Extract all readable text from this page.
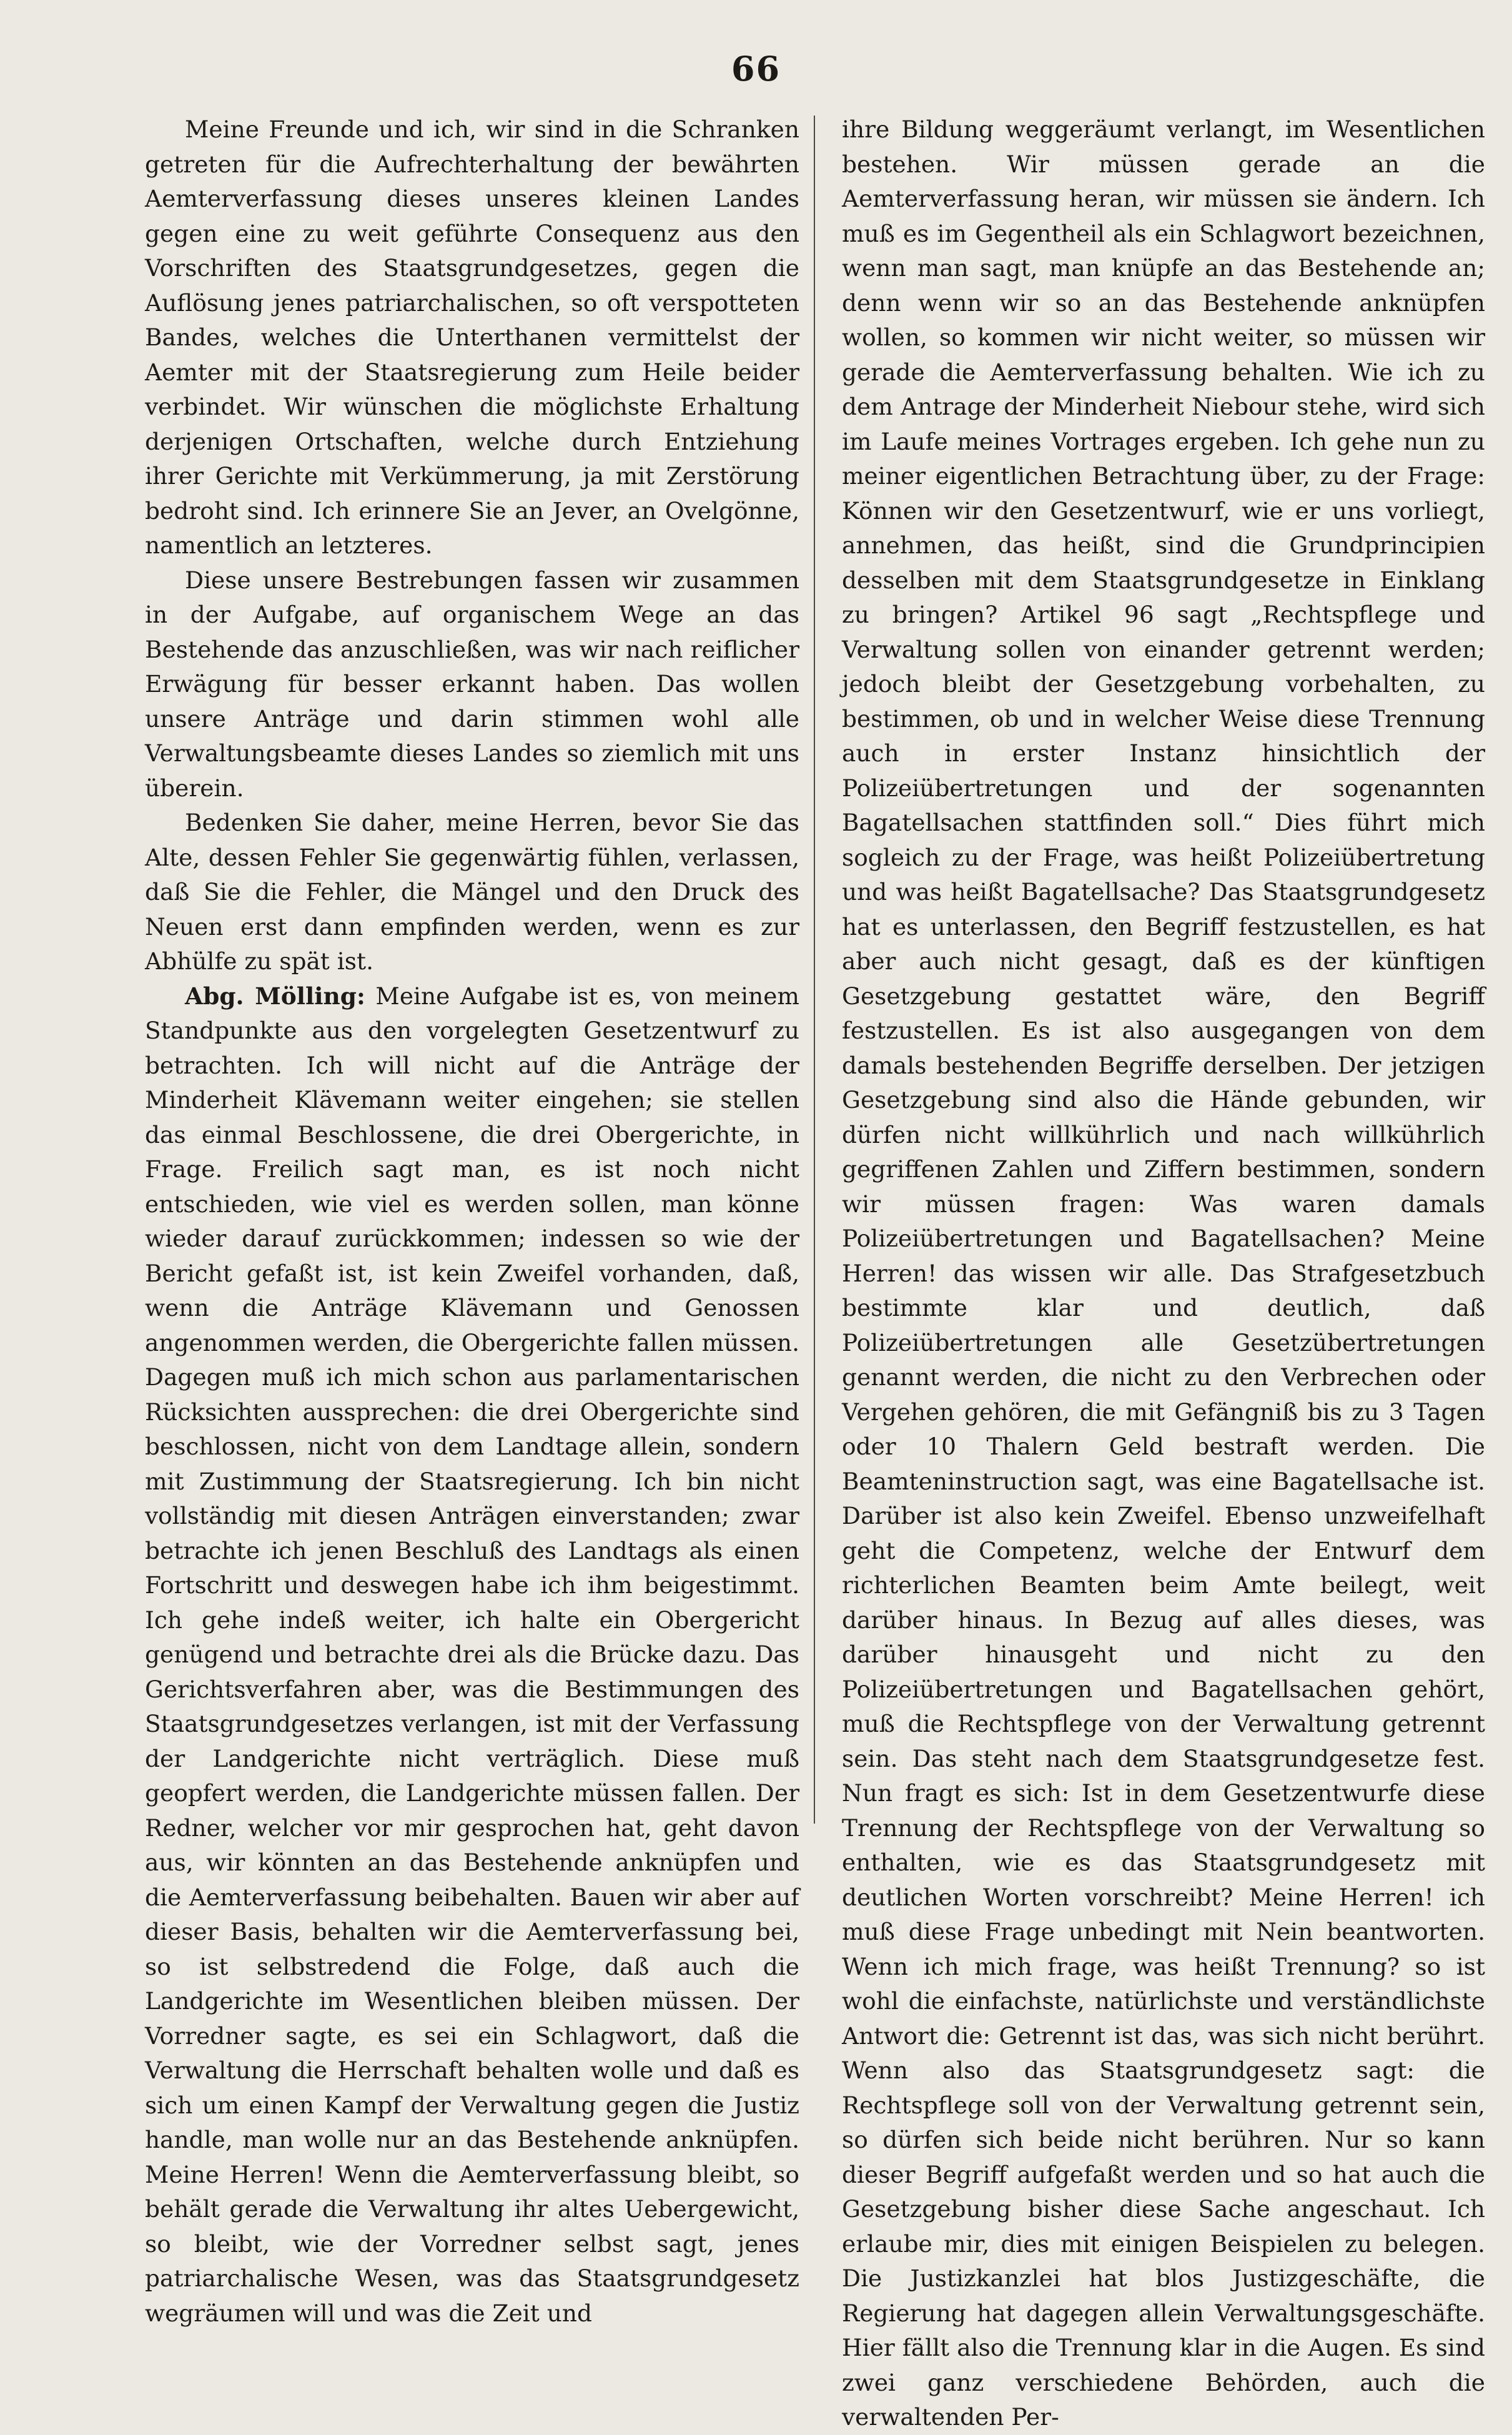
66

Meine Freunde und ich, wir sind in die Schranken getreten für die Aufrechterhaltung der bewährten Aemterverfassung dieses unseres kleinen Landes gegen eine zu weit geführte Consequenz aus den Vorschriften des Staatsgrundgesetzes, gegen die Auflösung jenes patriarchalischen, so oft verspotteten Bandes, welches die Unterthanen vermittelst der Aemter mit der Staatsregierung zum Heile beider verbindet. Wir wünschen die möglichste Erhaltung derjenigen Ortschaften, welche durch Entziehung ihrer Gerichte mit Verkümmerung, ja mit Zerstörung bedroht sind. Ich erinnere Sie an Jever, an Ovelgönne, namentlich an letzteres.

Diese unsere Bestrebungen fassen wir zusammen in der Aufgabe, auf organischem Wege an das Bestehende das anzuschließen, was wir nach reiflicher Erwägung für besser erkannt haben. Das wollen unsere Anträge und darin stimmen wohl alle Verwaltungsbeamte dieses Landes so ziemlich mit uns überein.

Bedenken Sie daher, meine Herren, bevor Sie das Alte, dessen Fehler Sie gegenwärtig fühlen, verlassen, daß Sie die Fehler, die Mängel und den Druck des Neuen erst dann empfinden werden, wenn es zur Abhülfe zu spät ist.

Abg. Mölling: Meine Aufgabe ist es, von meinem Standpunkte aus den vorgelegten Gesetzentwurf zu betrachten. Ich will nicht auf die Anträge der Minderheit Klävemann weiter eingehen; sie stellen das einmal Beschlossene, die drei Obergerichte, in Frage. Freilich sagt man, es ist noch nicht entschieden, wie viel es werden sollen, man könne wieder darauf zurückkommen; indessen so wie der Bericht gefaßt ist, ist kein Zweifel vorhanden, daß, wenn die Anträge Klävemann und Genossen angenommen werden, die Obergerichte fallen müssen. Dagegen muß ich mich schon aus parlamentarischen Rücksichten aussprechen: die drei Obergerichte sind beschlossen, nicht von dem Landtage allein, sondern mit Zustimmung der Staatsregierung. Ich bin nicht vollständig mit diesen Anträgen einverstanden; zwar betrachte ich jenen Beschluß des Landtags als einen Fortschritt und deswegen habe ich ihm beigestimmt. Ich gehe indeß weiter, ich halte ein Obergericht genügend und betrachte drei als die Brücke dazu. Das Gerichtsverfahren aber, was die Bestimmungen des Staatsgrundgesetzes verlangen, ist mit der Verfassung der Landgerichte nicht verträglich. Diese muß geopfert werden, die Landgerichte müssen fallen. Der Redner, welcher vor mir gesprochen hat, geht davon aus, wir könnten an das Bestehende anknüpfen und die Aemterverfassung beibehalten. Bauen wir aber auf dieser Basis, behalten wir die Aemterverfassung bei, so ist selbstredend die Folge, daß auch die Landgerichte im Wesentlichen bleiben müssen. Der Vorredner sagte, es sei ein Schlagwort, daß die Verwaltung die Herrschaft behalten wolle und daß es sich um einen Kampf der Verwaltung gegen die Justiz handle, man wolle nur an das Bestehende anknüpfen. Meine Herren! Wenn die Aemterverfassung bleibt, so behält gerade die Verwaltung ihr altes Uebergewicht, so bleibt, wie der Vorredner selbst sagt, jenes patriarchalische Wesen, was das Staatsgrundgesetz wegräumen will und was die Zeit und

ihre Bildung weggeräumt verlangt, im Wesentlichen bestehen. Wir müssen gerade an die Aemterverfassung heran, wir müssen sie ändern. Ich muß es im Gegentheil als ein Schlagwort bezeichnen, wenn man sagt, man knüpfe an das Bestehende an; denn wenn wir so an das Bestehende anknüpfen wollen, so kommen wir nicht weiter, so müssen wir gerade die Aemterverfassung behalten. Wie ich zu dem Antrage der Minderheit Niebour stehe, wird sich im Laufe meines Vortrages ergeben. Ich gehe nun zu meiner eigentlichen Betrachtung über, zu der Frage: Können wir den Gesetzentwurf, wie er uns vorliegt, annehmen, das heißt, sind die Grundprincipien desselben mit dem Staatsgrundgesetze in Einklang zu bringen? Artikel 96 sagt „Rechtspflege und Verwaltung sollen von einander getrennt werden; jedoch bleibt der Gesetzgebung vorbehalten, zu bestimmen, ob und in welcher Weise diese Trennung auch in erster Instanz hinsichtlich der Polizeiübertretungen und der sogenannten Bagatellsachen stattfinden soll.“ Dies führt mich sogleich zu der Frage, was heißt Polizeiübertretung und was heißt Bagatellsache? Das Staatsgrundgesetz hat es unterlassen, den Begriff festzustellen, es hat aber auch nicht gesagt, daß es der künftigen Gesetzgebung gestattet wäre, den Begriff festzustellen. Es ist also ausgegangen von dem damals bestehenden Begriffe derselben. Der jetzigen Gesetzgebung sind also die Hände gebunden, wir dürfen nicht willkührlich und nach willkührlich gegriffenen Zahlen und Ziffern bestimmen, sondern wir müssen fragen: Was waren damals Polizeiübertretungen und Bagatellsachen? Meine Herren! das wissen wir alle. Das Strafgesetzbuch bestimmte klar und deutlich, daß Polizeiübertretungen alle Gesetzübertretungen genannt werden, die nicht zu den Verbrechen oder Vergehen gehören, die mit Gefängniß bis zu 3 Tagen oder 10 Thalern Geld bestraft werden. Die Beamteninstruction sagt, was eine Bagatellsache ist. Darüber ist also kein Zweifel. Ebenso unzweifelhaft geht die Competenz, welche der Entwurf dem richterlichen Beamten beim Amte beilegt, weit darüber hinaus. In Bezug auf alles dieses, was darüber hinausgeht und nicht zu den Polizeiübertretungen und Bagatellsachen gehört, muß die Rechtspflege von der Verwaltung getrennt sein. Das steht nach dem Staatsgrundgesetze fest. Nun fragt es sich: Ist in dem Gesetzentwurfe diese Trennung der Rechtspflege von der Verwaltung so enthalten, wie es das Staatsgrundgesetz mit deutlichen Worten vorschreibt? Meine Herren! ich muß diese Frage unbedingt mit Nein beantworten. Wenn ich mich frage, was heißt Trennung? so ist wohl die einfachste, natürlichste und verständlichste Antwort die: Getrennt ist das, was sich nicht berührt. Wenn also das Staatsgrundgesetz sagt: die Rechtspflege soll von der Verwaltung getrennt sein, so dürfen sich beide nicht berühren. Nur so kann dieser Begriff aufgefaßt werden und so hat auch die Gesetzgebung bisher diese Sache angeschaut. Ich erlaube mir, dies mit einigen Beispielen zu belegen. Die Justizkanzlei hat blos Justizgeschäfte, die Regierung hat dagegen allein Verwaltungsgeschäfte. Hier fällt also die Trennung klar in die Augen. Es sind zwei ganz verschiedene Behörden, auch die verwaltenden Per-
